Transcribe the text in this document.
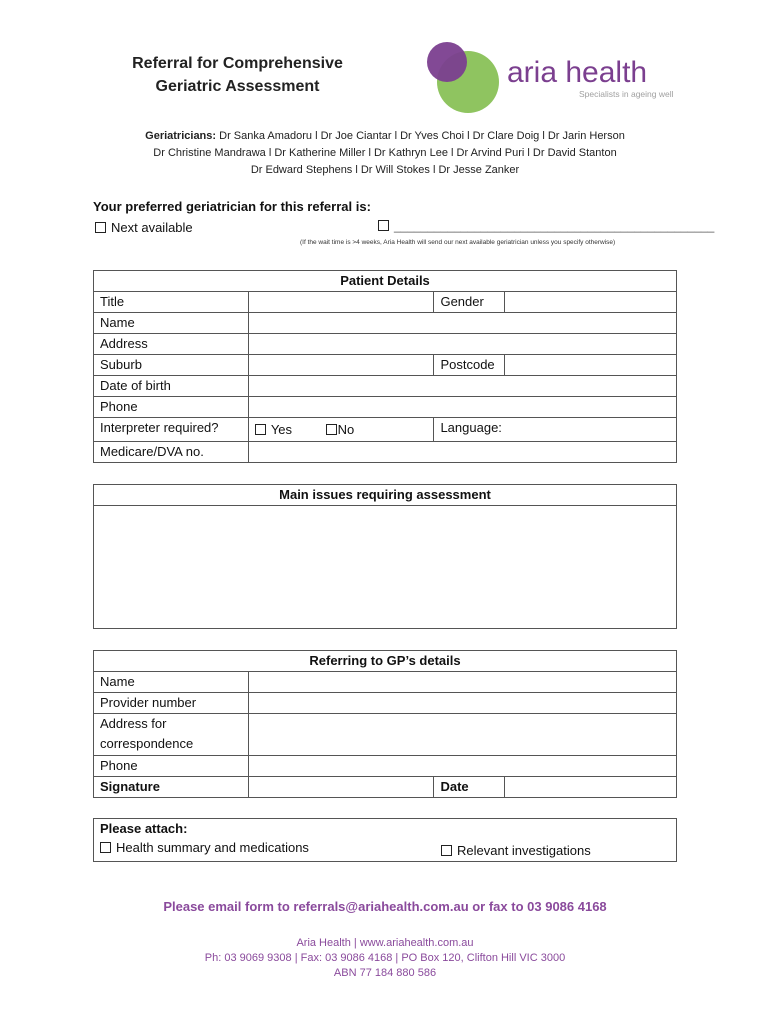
Referral for Comprehensive
Geriatric Assessment	aria health
Specialists in ageing well
Geriatricians: Dr Sanka Amadoru l Dr Joe Ciantar l Dr Yves Choi l Dr Clare Doig l Dr Jarin Herson
Dr Christine Mandrawa l Dr Katherine Miller l Dr Kathryn Lee l Dr Arvind Puri l Dr David Stanton
Dr Edward Stephens l Dr Will Stokes l Dr Jesse Zanker
Your preferred geriatrician for this referral is:
Next available	________________________________________________
(If the wait time is >4 weeks, Aria Health will send our next available geriatrician unless you specify otherwise)
Patient Details			
Title		Gender	
Name			
Address			
Suburb		Postcode	
Date of birth			
Phone			
Interpreter required?	Yes No	Language:	
Medicare/DVA no.			
Main issues requiring assessment

Referring to GP’s details			
Name			
Provider number			

Address for
correspondence			

Phone			
Signature		Date	
Please attach:
Health summary and medications	Relevant investigations
Please email form to referrals@ariahealth.com.au or fax to 03 9086 4168
Aria Health | www.ariahealth.com.au
Ph: 03 9069 9308 | Fax: 03 9086 4168 | PO Box 120, Clifton Hill VIC 3000
ABN 77 184 880 586
